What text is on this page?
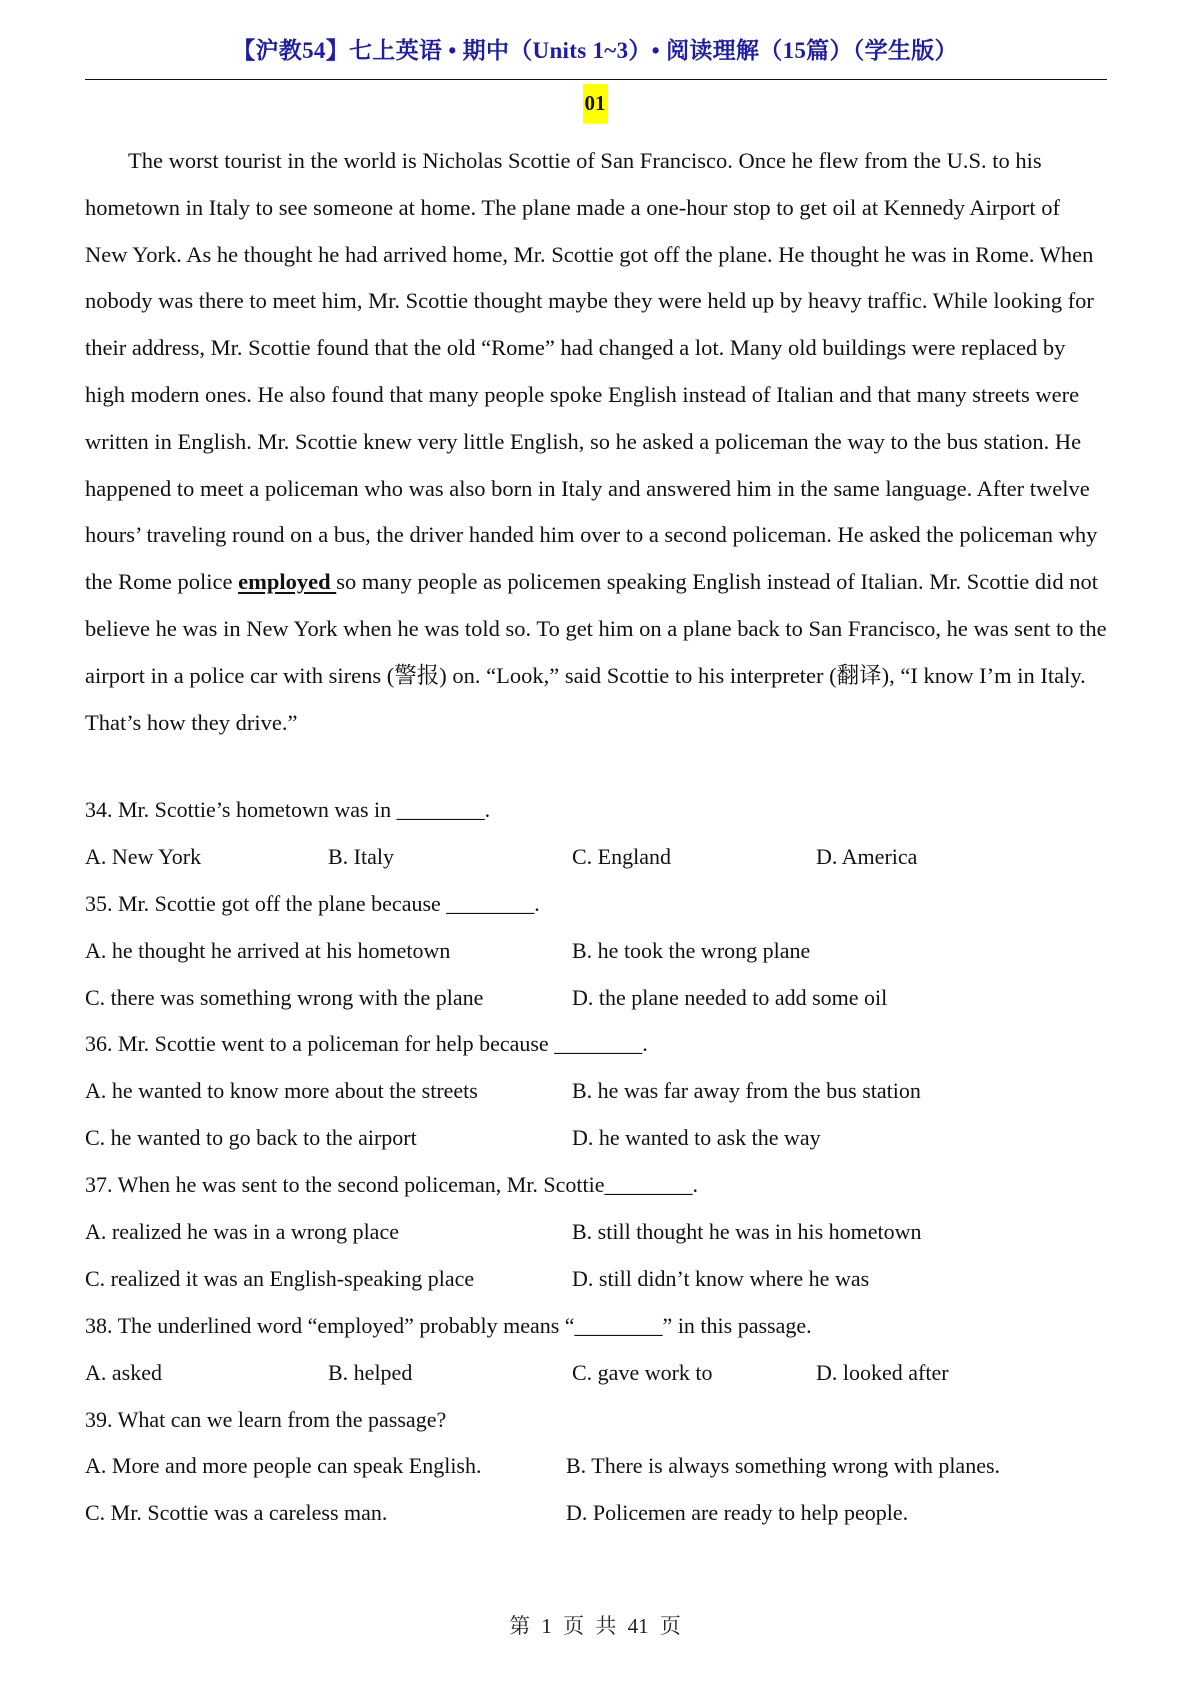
【沪教54】七上英语 • 期中（Units 1~3）• 阅读理解（15篇）（学生版）
01

The worst tourist in the world is Nicholas Scottie of San Francisco. Once he flew from the U.S. to his hometown in Italy to see someone at home. The plane made a one-hour stop to get oil at Kennedy Airport of New York. As he thought he had arrived home, Mr. Scottie got off the plane. He thought he was in Rome. When nobody was there to meet him, Mr. Scottie thought maybe they were held up by heavy traffic. While looking for their address, Mr. Scottie found that the old “Rome” had changed a lot. Many old buildings were replaced by high modern ones. He also found that many people spoke English instead of Italian and that many streets were written in English. Mr. Scottie knew very little English, so he asked a policeman the way to the bus station. He happened to meet a policeman who was also born in Italy and answered him in the same language. After twelve hours’ traveling round on a bus, the driver handed him over to a second policeman. He asked the policeman why the Rome police employed so many people as policemen speaking English instead of Italian. Mr. Scottie did not believe he was in New York when he was told so. To get him on a plane back to San Francisco, he was sent to the airport in a police car with sirens (警报) on. “Look,” said Scottie to his interpreter (翻译), “I know I’m in Italy. That’s how they drive.”

34. Mr. Scottie’s hometown was in ________.
A. New York	B. Italy	C. England	D. America
35. Mr. Scottie got off the plane because ________.
A. he thought he arrived at his hometown	B. he took the wrong plane
C. there was something wrong with the plane	D. the plane needed to add some oil
36. Mr. Scottie went to a policeman for help because ________.
A. he wanted to know more about the streets	B. he was far away from the bus station
C. he wanted to go back to the airport	D. he wanted to ask the way
37. When he was sent to the second policeman, Mr. Scottie________.
A. realized he was in a wrong place	B. still thought he was in his hometown
C. realized it was an English-speaking place	D. still didn’t know where he was
38. The underlined word “employed” probably means “________” in this passage.
A. asked	B. helped	C. gave work to	D. looked after
39. What can we learn from the passage?
A. More and more people can speak English.	B. There is always something wrong with planes.
C. Mr. Scottie was a careless man.	D. Policemen are ready to help people.
第 1 页 共 41 页
